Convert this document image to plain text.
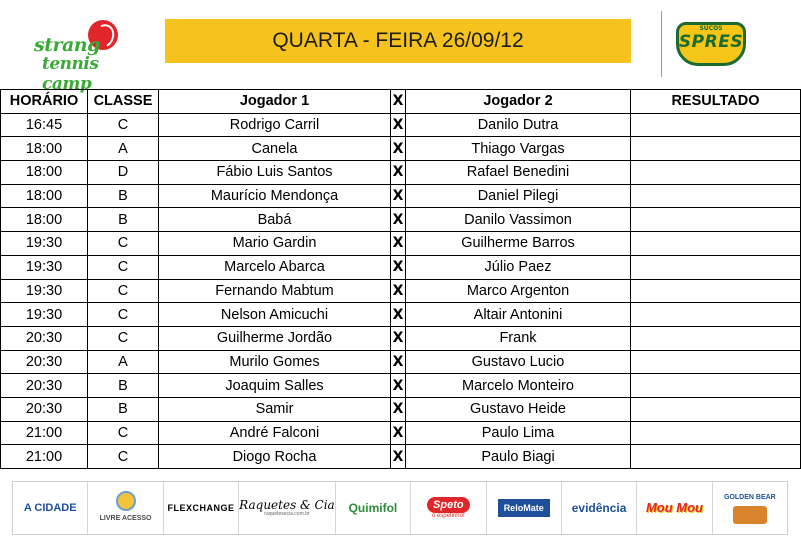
strang
tennis camp
QUARTA - FEIRA 26/09/12
SUCOS
SPRES
HORÁRIO	CLASSE	Jogador 1	X	Jogador 2	RESULTADO
16:45	C	Rodrigo Carril	X	Danilo Dutra	
18:00	A	Canela	X	Thiago Vargas	
18:00	D	Fábio Luis Santos	X	Rafael Benedini	
18:00	B	Maurício Mendonça	X	Daniel Pilegi	
18:00	B	Babá	X	Danilo Vassimon	
19:30	C	Mario Gardin	X	Guilherme Barros	
19:30	C	Marcelo Abarca	X	Júlio Paez	
19:30	C	Fernando Mabtum	X	Marco Argenton	
19:30	C	Nelson Amicuchi	X	Altair Antonini	
20:30	C	Guilherme Jordão	X	Frank	
20:30	A	Murilo Gomes	X	Gustavo Lucio	
20:30	B	Joaquim Salles	X	Marcelo Monteiro	
20:30	B	Samir	X	Gustavo Heide	
21:00	C	André Falconi	X	Paulo Lima	
21:00	C	Diogo Rocha	X	Paulo Biagi	
A CIDADE
LIVRE ACESSO
FLEXCHANGE Raquetes & Cia
raquetesecia.com.br	Quimifol	Speto
o espetinho!
ReloMate	evidência Mou Mou
GOLDEN BEAR
